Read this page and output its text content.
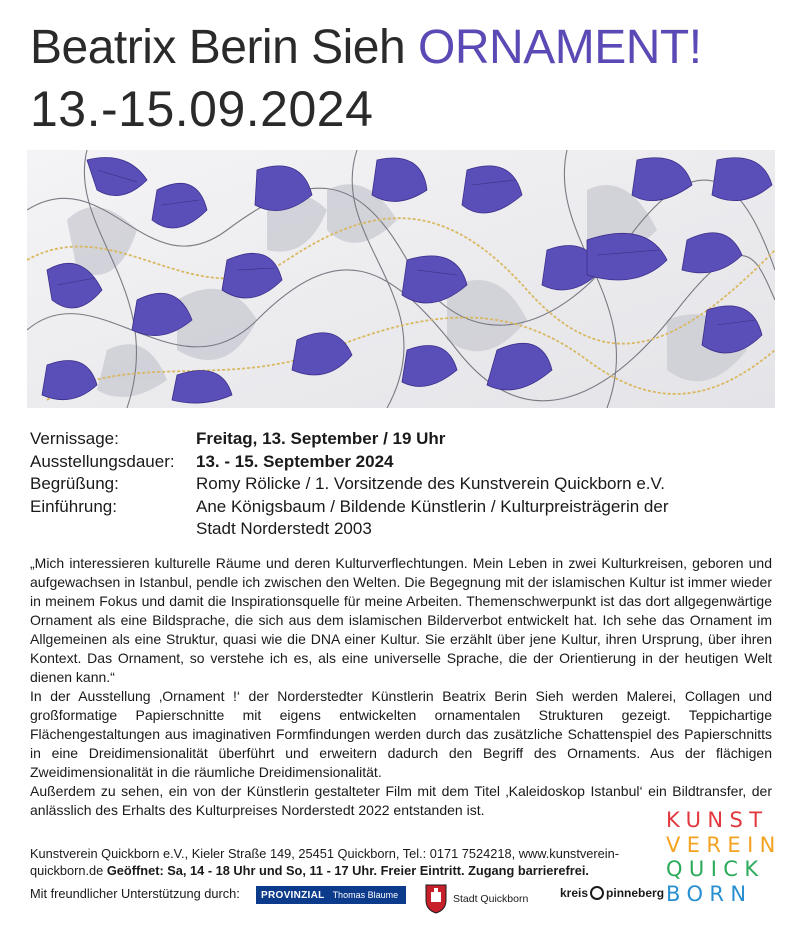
Beatrix Berin Sieh ORNAMENT!
13.-15.09.2024
Vernissage:	Freitag, 13. September / 19 Uhr
Ausstellungsdauer:	13. - 15. September 2024
Begrüßung:	Romy Rölicke / 1. Vorsitzende des Kunstverein Quickborn e.V.
Einführung:	Ane Königsbaum / Bildende Künstlerin / Kulturpreisträgerin der Stadt Norderstedt 2003

„Mich interessieren kulturelle Räume und deren Kulturverflechtungen. Mein Leben in zwei Kulturkreisen, geboren und aufgewachsen in Istanbul, pendle ich zwischen den Welten. Die Begegnung mit der islamischen Kultur ist immer wieder in meinem Fokus und damit die Inspirationsquelle für meine Arbeiten. Themenschwerpunkt ist das dort allgegenwärtige Ornament als eine Bildsprache, die sich aus dem islamischen Bilderverbot entwickelt hat. Ich sehe das Ornament im Allgemeinen als eine Struktur, quasi wie die DNA einer Kultur. Sie erzählt über jene Kultur, ihren Ursprung, über ihren Kontext. Das Ornament, so verstehe ich es, als eine universelle Sprache, die der Orientierung in der heutigen Welt dienen kann.“

In der Ausstellung ‚Ornament !‘ der Norderstedter Künstlerin Beatrix Berin Sieh werden Malerei, Collagen und großformatige Papierschnitte mit eigens entwickelten ornamentalen Strukturen gezeigt. Teppichartige Flächengestaltungen aus imaginativen Formfindungen werden durch das zusätzliche Schattenspiel des Papierschnitts in eine Dreidimensionalität überführt und erweitern dadurch den Begriff des Ornaments. Aus der flächigen Zweidimensionalität in die räumliche Dreidimensionalität.

Außerdem zu sehen, ein von der Künstlerin gestalteter Film mit dem Titel ‚Kaleidoskop Istanbul‘ ein Bildtransfer, der anlässlich des Erhalts des Kulturpreises Norderstedt 2022 entstanden ist.

Kunstverein Quickborn e.V., Kieler Straße 149, 25451 Quickborn, Tel.: 0171 7524218, www.kunstverein-quickborn.de Geöffnet: Sa, 14 - 18 Uhr und So, 11 - 17 Uhr. Freier Eintritt. Zugang barrierefrei.
Mit freundlicher Unterstützung durch: PROVINZIAL Thomas Blaume	Stadt Quickborn	kreis pinneberg
KUNST
VEREIN
QUICK
BORN
